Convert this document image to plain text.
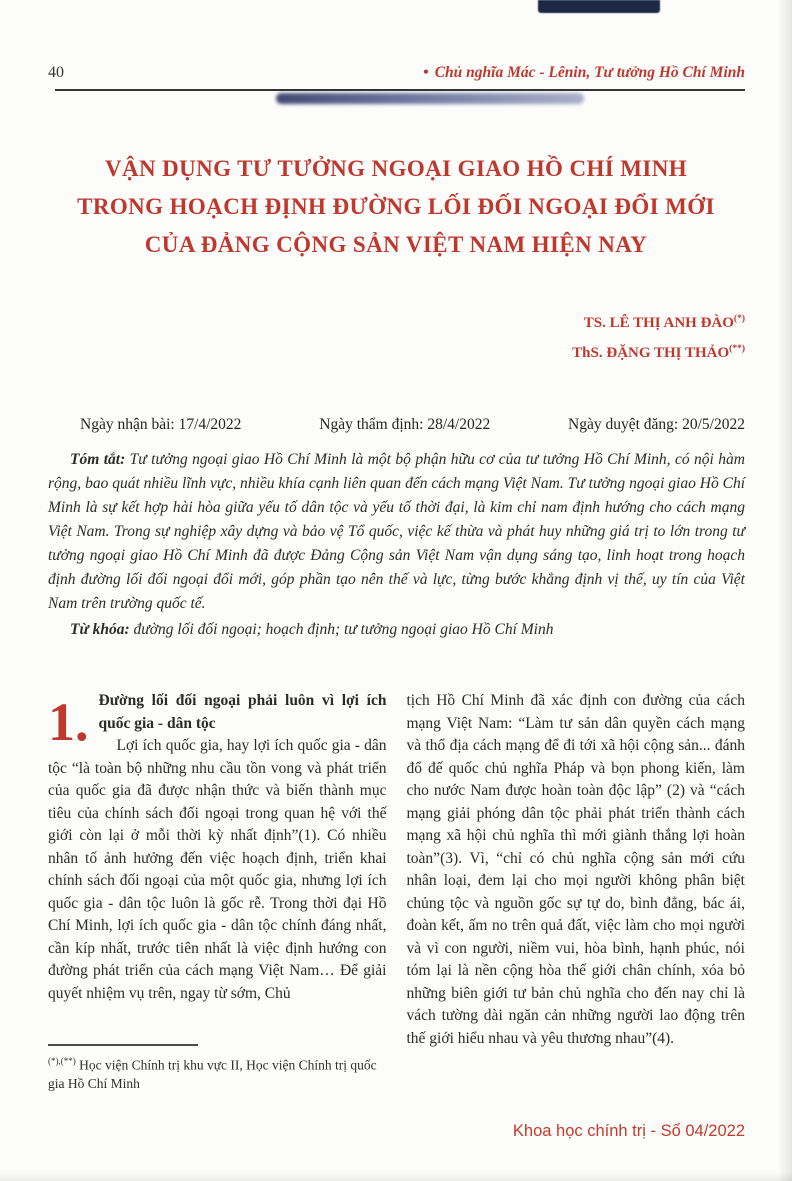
40	• Chủ nghĩa Mác - Lênin, Tư tưởng Hồ Chí Minh
VẬN DỤNG TƯ TƯỞNG NGOẠI GIAO HỒ CHÍ MINH
TRONG HOẠCH ĐỊNH ĐƯỜNG LỐI ĐỐI NGOẠI ĐỔI MỚI
CỦA ĐẢNG CỘNG SẢN VIỆT NAM HIỆN NAY
TS. LÊ THỊ ANH ĐÀO(*)
ThS. ĐẶNG THỊ THẢO(**)
Ngày nhận bài: 17/4/2022	Ngày thẩm định: 28/4/2022	Ngày duyệt đăng: 20/5/2022

Tóm tắt: Tư tưởng ngoại giao Hồ Chí Minh là một bộ phận hữu cơ của tư tưởng Hồ Chí Minh, có nội hàm rộng, bao quát nhiều lĩnh vực, nhiều khía cạnh liên quan đến cách mạng Việt Nam. Tư tưởng ngoại giao Hồ Chí Minh là sự kết hợp hài hòa giữa yếu tố dân tộc và yếu tố thời đại, là kim chỉ nam định hướng cho cách mạng Việt Nam. Trong sự nghiệp xây dựng và bảo vệ Tổ quốc, việc kế thừa và phát huy những giá trị to lớn trong tư tưởng ngoại giao Hồ Chí Minh đã được Đảng Cộng sản Việt Nam vận dụng sáng tạo, linh hoạt trong hoạch định đường lối đối ngoại đổi mới, góp phần tạo nên thế và lực, từng bước khẳng định vị thế, uy tín của Việt Nam trên trường quốc tế.

Từ khóa: đường lối đối ngoại; hoạch định; tư tưởng ngoại giao Hồ Chí Minh

1. Đường lối đối ngoại phải luôn vì lợi ích quốc gia - dân tộc
Lợi ích quốc gia, hay lợi ích quốc gia - dân tộc “là toàn bộ những nhu cầu tồn vong và phát triển của quốc gia đã được nhận thức và biến thành mục tiêu của chính sách đối ngoại trong quan hệ với thế giới còn lại ở mỗi thời kỳ nhất định”(1). Có nhiều nhân tố ảnh hưởng đến việc hoạch định, triển khai chính sách đối ngoại của một quốc gia, nhưng lợi ích quốc gia - dân tộc luôn là gốc rễ. Trong thời đại Hồ Chí Minh, lợi ích quốc gia - dân tộc chính đáng nhất, cần kíp nhất, trước tiên nhất là việc định hướng con đường phát triển của cách mạng Việt Nam… Để giải quyết nhiệm vụ trên, ngay từ sớm, Chủ
tịch Hồ Chí Minh đã xác định con đường của cách mạng Việt Nam: “Làm tư sản dân quyền cách mạng và thổ địa cách mạng để đi tới xã hội cộng sản... đánh đổ đế quốc chủ nghĩa Pháp và bọn phong kiến, làm cho nước Nam được hoàn toàn độc lập” (2) và “cách mạng giải phóng dân tộc phải phát triển thành cách mạng xã hội chủ nghĩa thì mới giành thắng lợi hoàn toàn”(3). Vì, “chỉ có chủ nghĩa cộng sản mới cứu nhân loại, đem lại cho mọi người không phân biệt chủng tộc và nguồn gốc sự tự do, bình đẳng, bác ái, đoàn kết, ấm no trên quả đất, việc làm cho mọi người và vì con người, niềm vui, hòa bình, hạnh phúc, nói tóm lại là nền cộng hòa thế giới chân chính, xóa bỏ những biên giới tư bản chủ nghĩa cho đến nay chỉ là vách tường dài ngăn cản những người lao động trên thế giới hiểu nhau và yêu thương nhau”(4).

(*),(**) Học viện Chính trị khu vực II, Học viện Chính trị quốc gia Hồ Chí Minh

Khoa học chính trị - Số 04/2022
